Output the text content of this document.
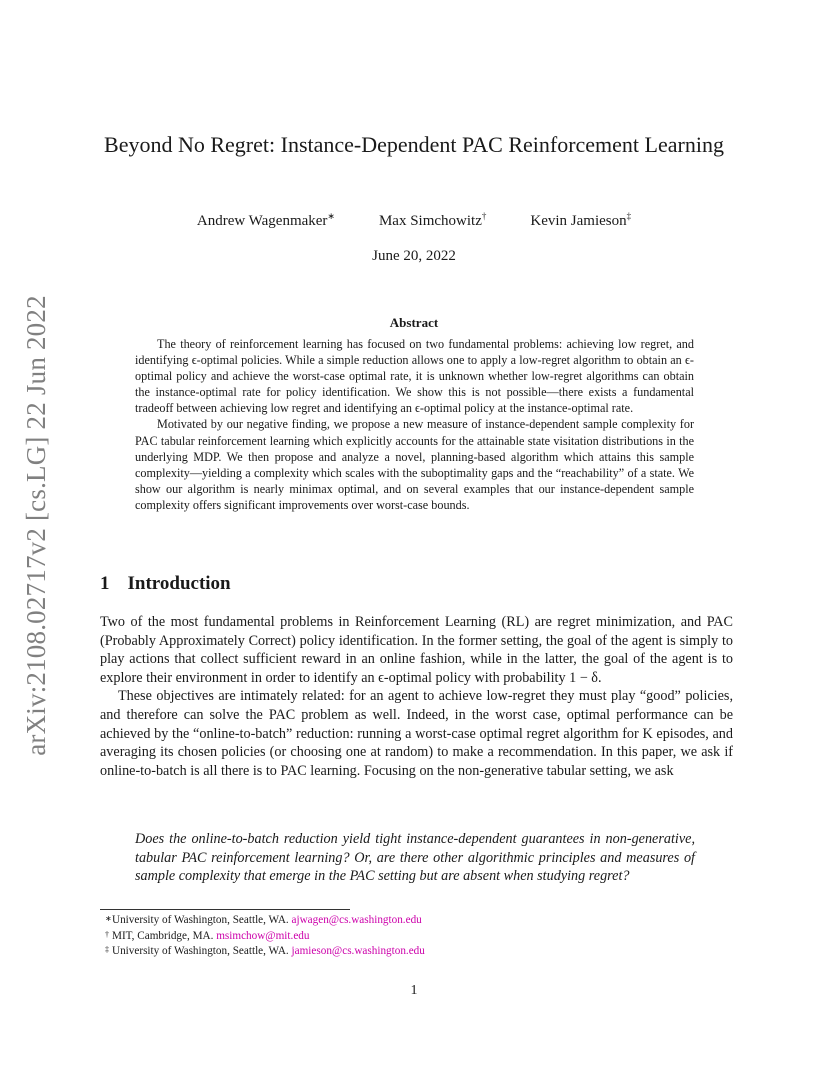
arXiv:2108.02717v2 [cs.LG] 22 Jun 2022
Beyond No Regret: Instance-Dependent PAC Reinforcement Learning
Andrew Wagenmaker∗	Max Simchowitz†	Kevin Jamieson‡
June 20, 2022
Abstract

The theory of reinforcement learning has focused on two fundamental problems: achieving low regret, and identifying ϵ-optimal policies. While a simple reduction allows one to apply a low-regret algorithm to obtain an ϵ-optimal policy and achieve the worst-case optimal rate, it is unknown whether low-regret algorithms can obtain the instance-optimal rate for policy identification. We show this is not possible—there exists a fundamental tradeoff between achieving low regret and identifying an ϵ-optimal policy at the instance-optimal rate.

Motivated by our negative finding, we propose a new measure of instance-dependent sample complexity for PAC tabular reinforcement learning which explicitly accounts for the attainable state visitation distributions in the underlying MDP. We then propose and analyze a novel, planning-based algorithm which attains this sample complexity—yielding a complexity which scales with the suboptimality gaps and the “reachability” of a state. We show our algorithm is nearly minimax optimal, and on several examples that our instance-dependent sample complexity offers significant improvements over worst-case bounds.

1 Introduction

Two of the most fundamental problems in Reinforcement Learning (RL) are regret minimization, and PAC (Probably Approximately Correct) policy identification. In the former setting, the goal of the agent is simply to play actions that collect sufficient reward in an online fashion, while in the latter, the goal of the agent is to explore their environment in order to identify an ϵ-optimal policy with probability 1 − δ.

These objectives are intimately related: for an agent to achieve low-regret they must play “good” policies, and therefore can solve the PAC problem as well. Indeed, in the worst case, optimal performance can be achieved by the “online-to-batch” reduction: running a worst-case optimal regret algorithm for K episodes, and averaging its chosen policies (or choosing one at random) to make a recommendation. In this paper, we ask if online-to-batch is all there is to PAC learning. Focusing on the non-generative tabular setting, we ask

Does the online-to-batch reduction yield tight instance-dependent guarantees in non-generative, tabular PAC reinforcement learning? Or, are there other algorithmic principles and measures of sample complexity that emerge in the PAC setting but are absent when studying regret?
∗ University of Washington, Seattle, WA. ajwagen@cs.washington.edu
† MIT, Cambridge, MA. msimchow@mit.edu
‡ University of Washington, Seattle, WA. jamieson@cs.washington.edu
1
